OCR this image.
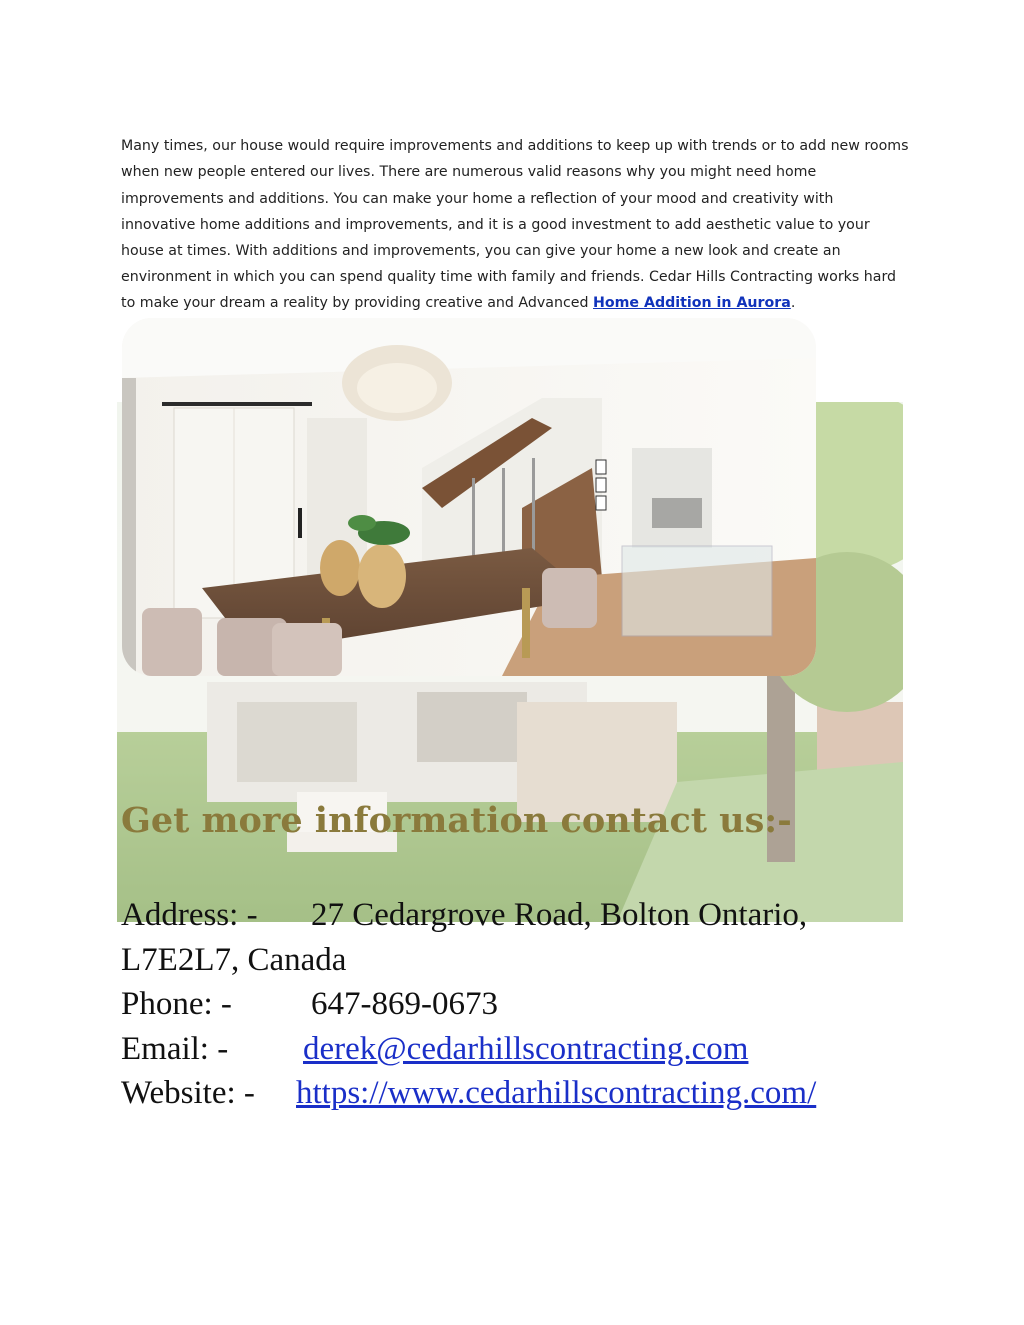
Many times, our house would require improvements and additions to keep up with trends or to add new rooms when new people entered our lives. There are numerous valid reasons why you might need home improvements and additions. You can make your home a reflection of your mood and creativity with innovative home additions and improvements, and it is a good investment to add aesthetic value to your house at times. With additions and improvements, you can give your home a new look and create an environment in which you can spend quality time with family and friends. Cedar Hills Contracting works hard to make your dream a reality by providing creative and Advanced Home Addition in Aurora.

Get more information contact us:-
Address: - 27 Cedargrove Road, Bolton Ontario,
L7E2L7, Canada
Phone: - 647-869-0673
Email: - derek@cedarhillscontracting.com
Website: - https://www.cedarhillscontracting.com/
